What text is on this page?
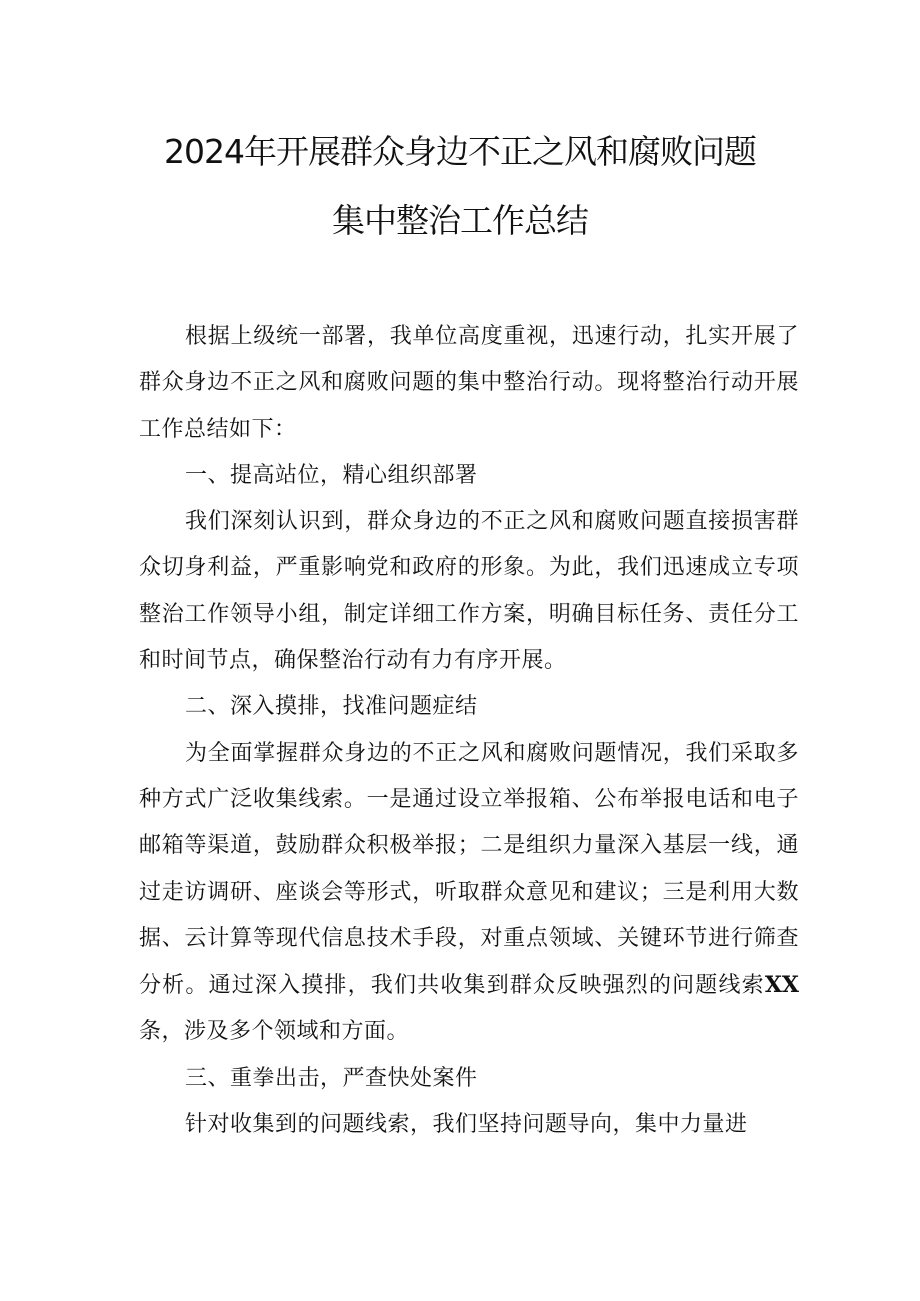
2024年开展群众身边不正之风和腐败问题
集中整治工作总结

根据上级统一部署，我单位高度重视，迅速行动，扎实开展了群众身边不正之风和腐败问题的集中整治行动。现将整治行动开展工作总结如下：

一、提高站位，精心组织部署

我们深刻认识到，群众身边的不正之风和腐败问题直接损害群众切身利益，严重影响党和政府的形象。为此，我们迅速成立专项整治工作领导小组，制定详细工作方案，明确目标任务、责任分工和时间节点，确保整治行动有力有序开展。

二、深入摸排，找准问题症结

为全面掌握群众身边的不正之风和腐败问题情况，我们采取多种方式广泛收集线索。一是通过设立举报箱、公布举报电话和电子邮箱等渠道，鼓励群众积极举报；二是组织力量深入基层一线，通过走访调研、座谈会等形式，听取群众意见和建议；三是利用大数据、云计算等现代信息技术手段，对重点领域、关键环节进行筛查分析。通过深入摸排，我们共收集到群众反映强烈的问题线索XX条，涉及多个领域和方面。

三、重拳出击，严查快处案件

针对收集到的问题线索，我们坚持问题导向，集中力量进
